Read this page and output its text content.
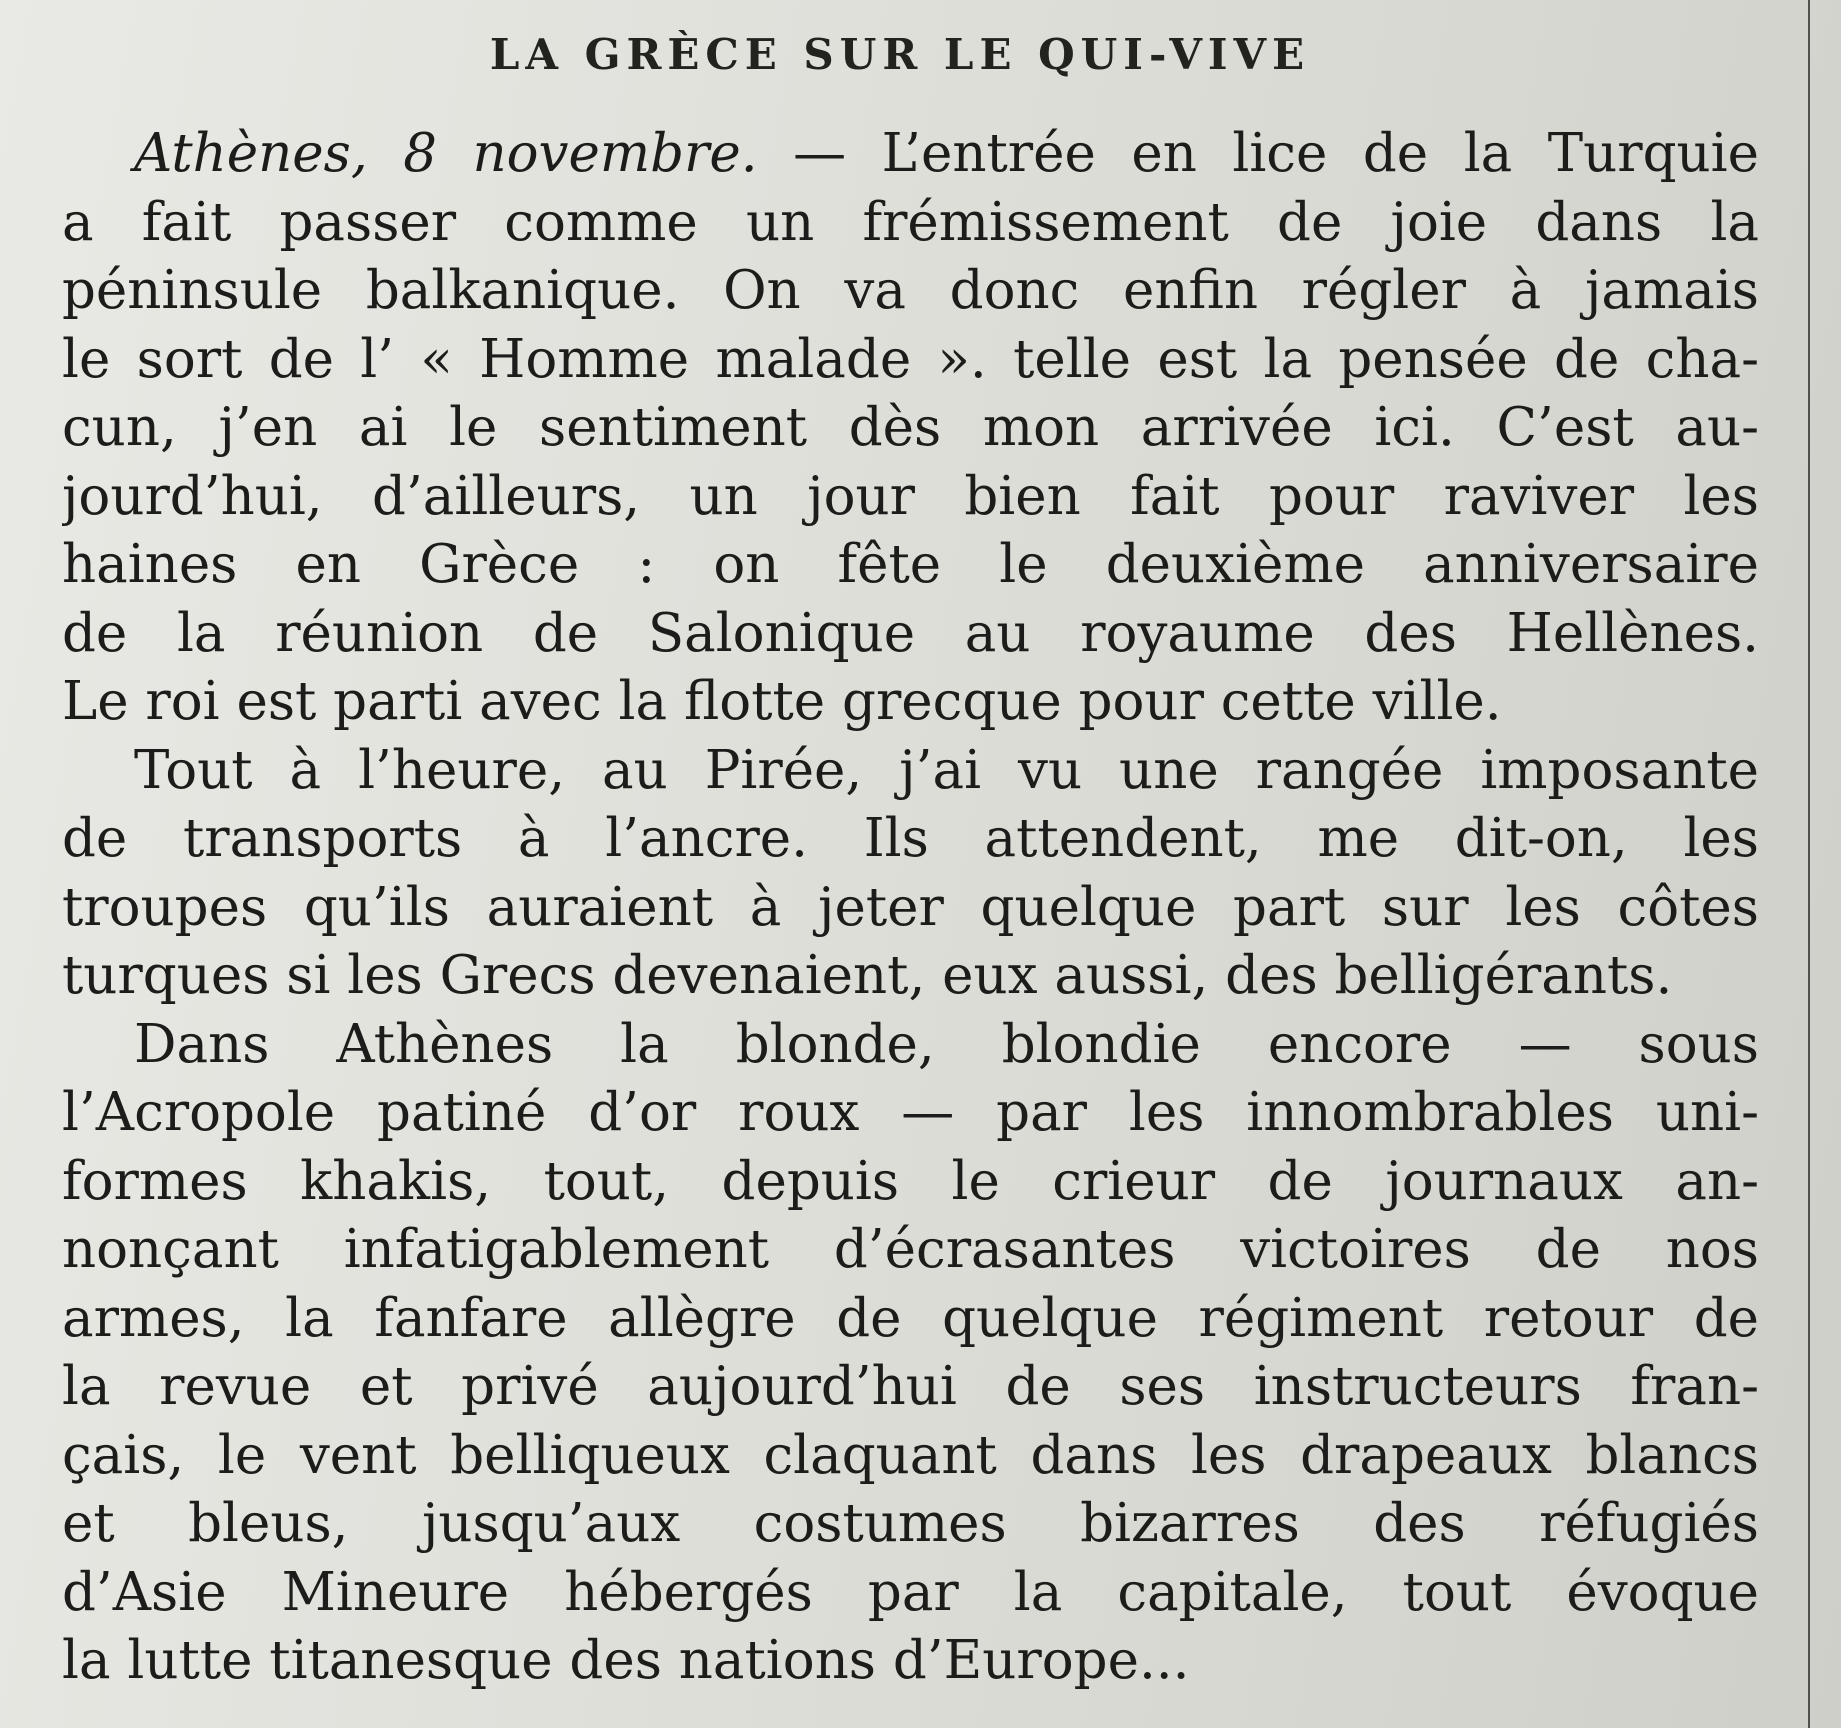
LA GRÈCE SUR LE QUI-VIVE
Athènes, 8 novembre. — L’entrée en lice de la Turquie
a fait passer comme un frémissement de joie dans la
péninsule balkanique. On va donc enfin régler à jamais
le sort de l’ « Homme malade ». telle est la pensée de cha-
cun, j’en ai le sentiment dès mon arrivée ici. C’est au-
jourd’hui, d’ailleurs, un jour bien fait pour raviver les
haines en Grèce : on fête le deuxième anniversaire
de la réunion de Salonique au royaume des Hellènes.
Le roi est parti avec la flotte grecque pour cette ville.
Tout à l’heure, au Pirée, j’ai vu une rangée imposante
de transports à l’ancre. Ils attendent, me dit-on, les
troupes qu’ils auraient à jeter quelque part sur les côtes
turques si les Grecs devenaient, eux aussi, des belligérants.
Dans Athènes la blonde, blondie encore — sous
l’Acropole patiné d’or roux — par les innombrables uni-
formes khakis, tout, depuis le crieur de journaux an-
nonçant infatigablement d’écrasantes victoires de nos
armes, la fanfare allègre de quelque régiment retour de
la revue et privé aujourd’hui de ses instructeurs fran-
çais, le vent belliqueux claquant dans les drapeaux blancs
et bleus, jusqu’aux costumes bizarres des réfugiés
d’Asie Mineure hébergés par la capitale, tout évoque
la lutte titanesque des nations d’Europe...
